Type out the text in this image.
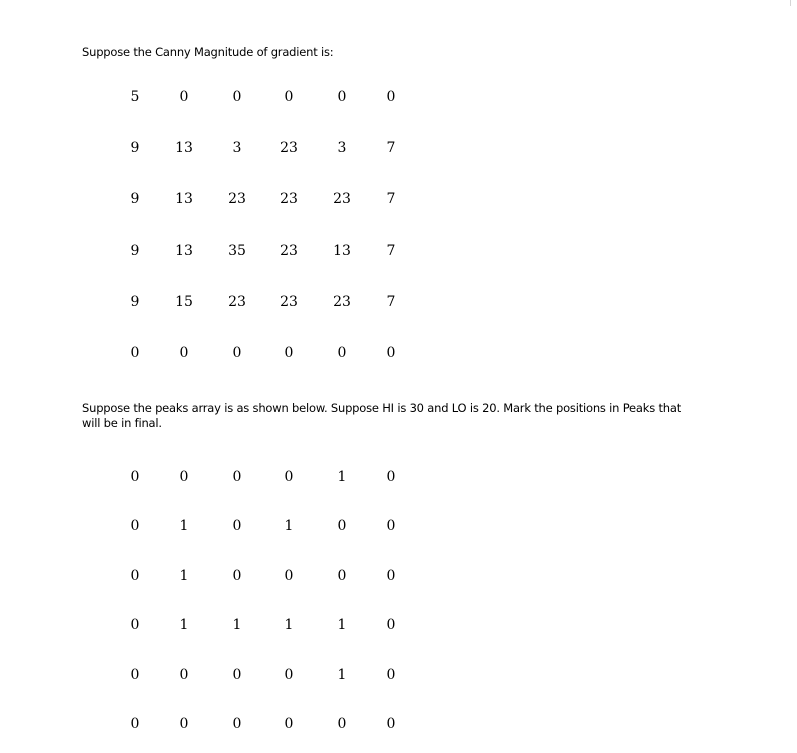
Suppose the Canny Magnitude of gradient is:

5	0	0	0	0	0
9	13	3	23	3	7
9	13	23	23	23	7
9	13	35	23	13	7
9	15	23	23	23	7
0	0	0	0	0	0

Suppose the peaks array is as shown below. Suppose HI is 30 and LO is 20. Mark the positions in Peaks that will be in final.

0	0	0	0	1	0
0	1	0	1	0	0
0	1	0	0	0	0
0	1	1	1	1	0
0	0	0	0	1	0
0	0	0	0	0	0
